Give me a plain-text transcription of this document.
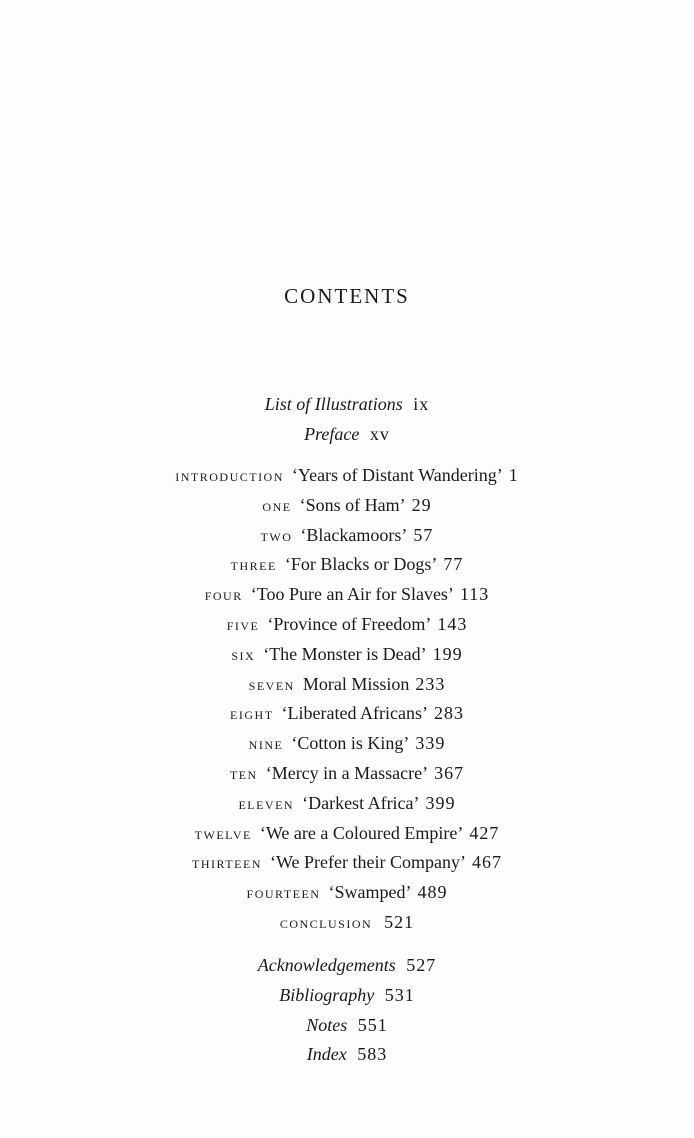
CONTENTS
List of Illustrations ix
Preface xv
introduction ‘Years of Distant Wandering’ 1
one ‘Sons of Ham’ 29
two ‘Blackamoors’ 57
three ‘For Blacks or Dogs’ 77
four ‘Too Pure an Air for Slaves’ 113
five ‘Province of Freedom’ 143
six ‘The Monster is Dead’ 199
seven Moral Mission 233
eight ‘Liberated Africans’ 283
nine ‘Cotton is King’ 339
ten ‘Mercy in a Massacre’ 367
eleven ‘Darkest Africa’ 399
twelve ‘We are a Coloured Empire’ 427
thirteen ‘We Prefer their Company’ 467
fourteen ‘Swamped’ 489
conclusion 521
Acknowledgements 527
Bibliography 531
Notes 551
Index 583
